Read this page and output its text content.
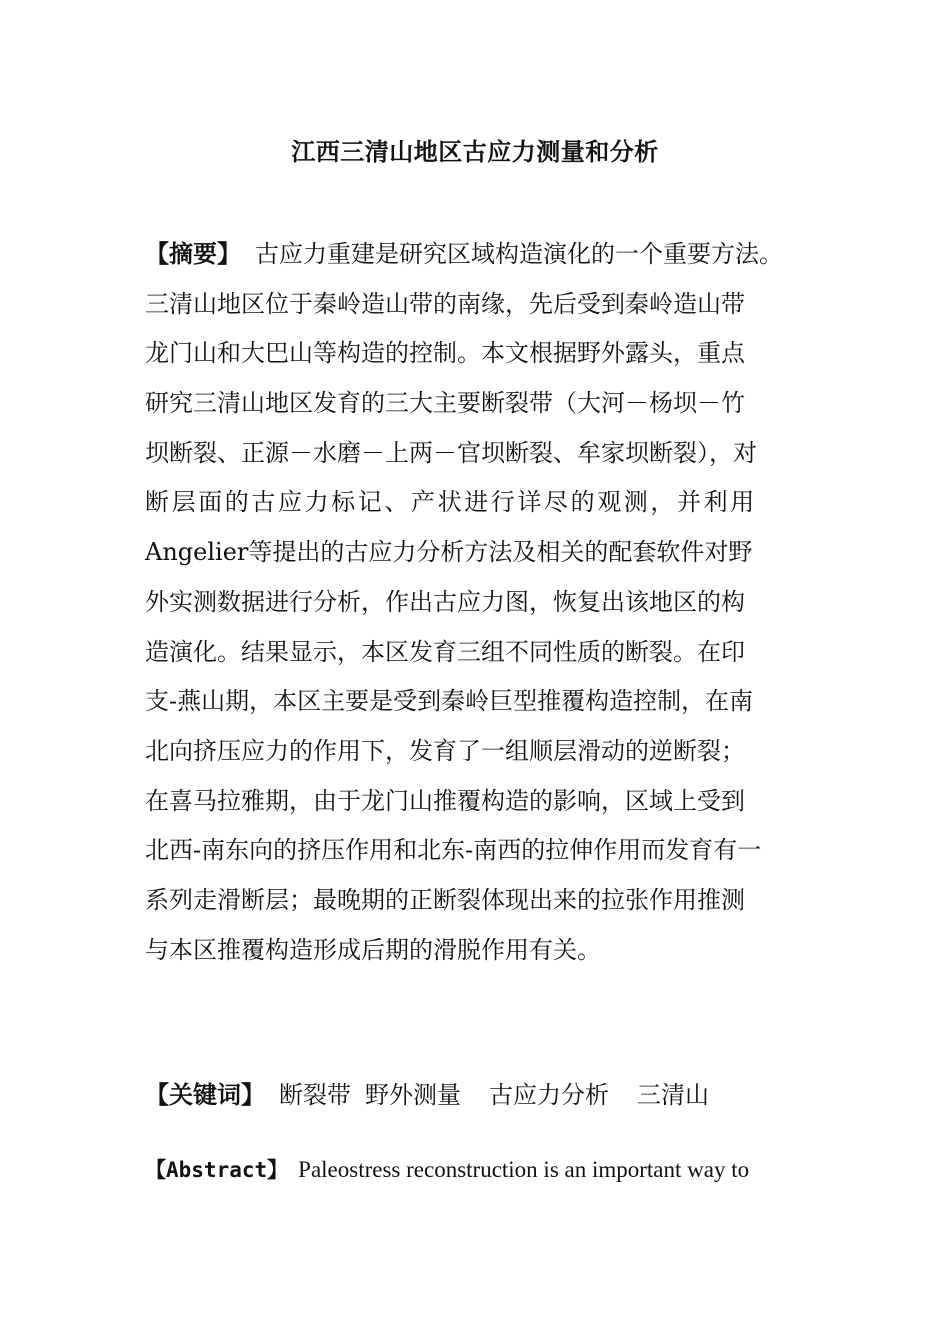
江西三清山地区古应力测量和分析
【摘要】 古应力重建是研究区域构造演化的一个重要方法。
三清山地区位于秦岭造山带的南缘，先后受到秦岭造山带
龙门山和大巴山等构造的控制。本文根据野外露头，重点
研究三清山地区发育的三大主要断裂带（大河－杨坝－竹
坝断裂、正源－水磨－上两－官坝断裂、牟家坝断裂），对
断层面的古应力标记、产状进行详尽的观测，并利用
Angelier等提出的古应力分析方法及相关的配套软件对野
外实测数据进行分析，作出古应力图，恢复出该地区的构
造演化。结果显示，本区发育三组不同性质的断裂。在印
支-燕山期，本区主要是受到秦岭巨型推覆构造控制，在南
北向挤压应力的作用下，发育了一组顺层滑动的逆断裂；
在喜马拉雅期，由于龙门山推覆构造的影响，区域上受到
北西-南东向的挤压作用和北东-南西的拉伸作用而发育有一
系列走滑断层；最晚期的正断裂体现出来的拉张作用推测
与本区推覆构造形成后期的滑脱作用有关。
【关键词】 断裂带 野外测量 古应力分析 三清山
【Abstract】 Paleostress reconstruction is an important way to
